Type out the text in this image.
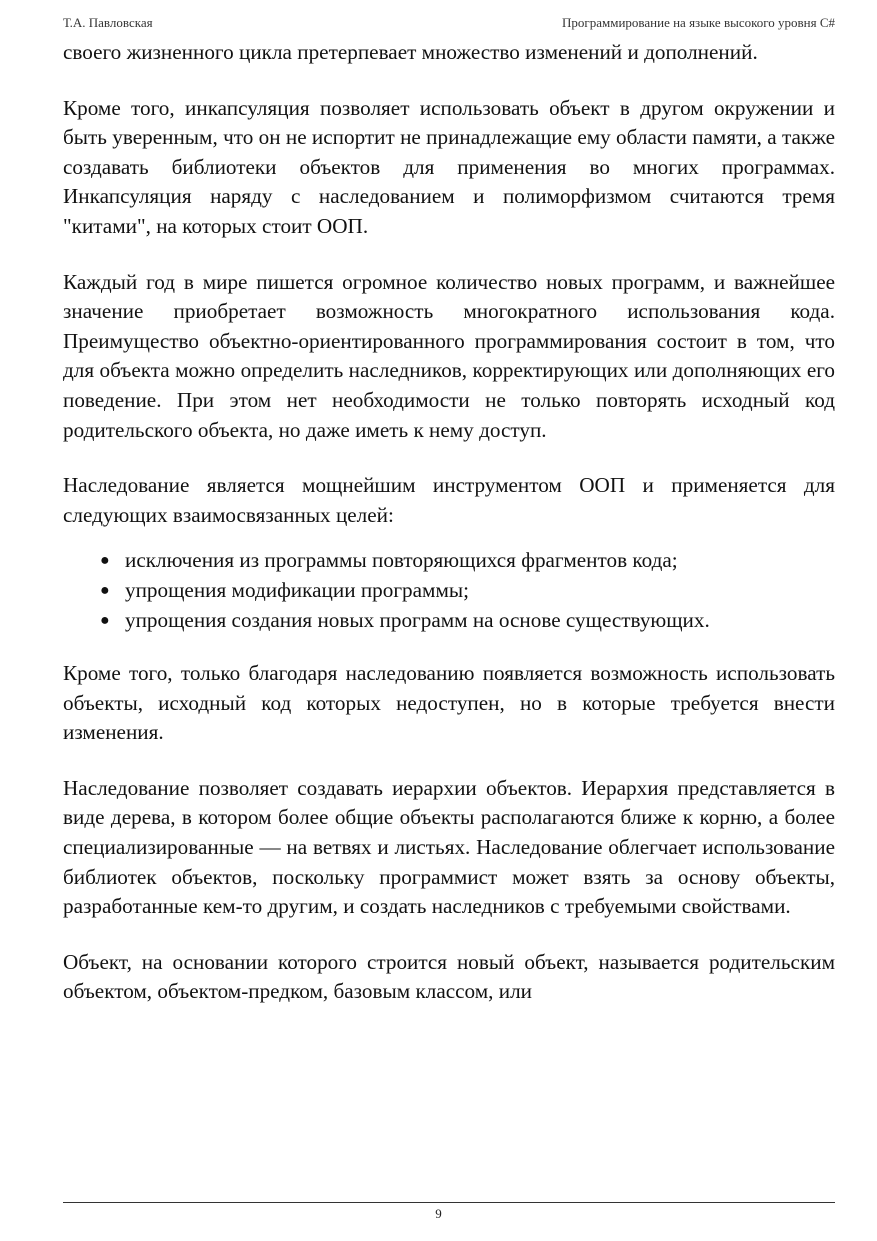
Т.А. Павловская	Программирование на языке высокого уровня C#

своего жизненного цикла претерпевает множество изменений и дополнений.

Кроме того, инкапсуляция позволяет использовать объект в другом окружении и быть уверенным, что он не испортит не принадлежащие ему области памяти, а также создавать библиотеки объектов для применения во многих программах. Инкапсуляция наряду с наследованием и полиморфизмом считаются тремя "китами", на которых стоит ООП.

Каждый год в мире пишется огромное количество новых программ, и важнейшее значение приобретает возможность многократного использования кода. Преимущество объектно-ориентированного программирования состоит в том, что для объекта можно определить наследников, корректирующих или дополняющих его поведение. При этом нет необходимости не только повторять исходный код родительского объекта, но даже иметь к нему доступ.

Наследование является мощнейшим инструментом ООП и применяется для следующих взаимосвязанных целей:

● исключения из программы повторяющихся фрагментов кода;
● упрощения модификации программы;
● упрощения создания новых программ на основе существующих.

Кроме того, только благодаря наследованию появляется возможность использовать объекты, исходный код которых недоступен, но в которые требуется внести изменения.

Наследование позволяет создавать иерархии объектов. Иерархия представляется в виде дерева, в котором более общие объекты располагаются ближе к корню, а более специализированные — на ветвях и листьях. Наследование облегчает использование библиотек объектов, поскольку программист может взять за основу объекты, разработанные кем-то другим, и создать наследников с требуемыми свойствами.

Объект, на основании которого строится новый объект, называется родительским объектом, объектом-предком, базовым классом, или

9
